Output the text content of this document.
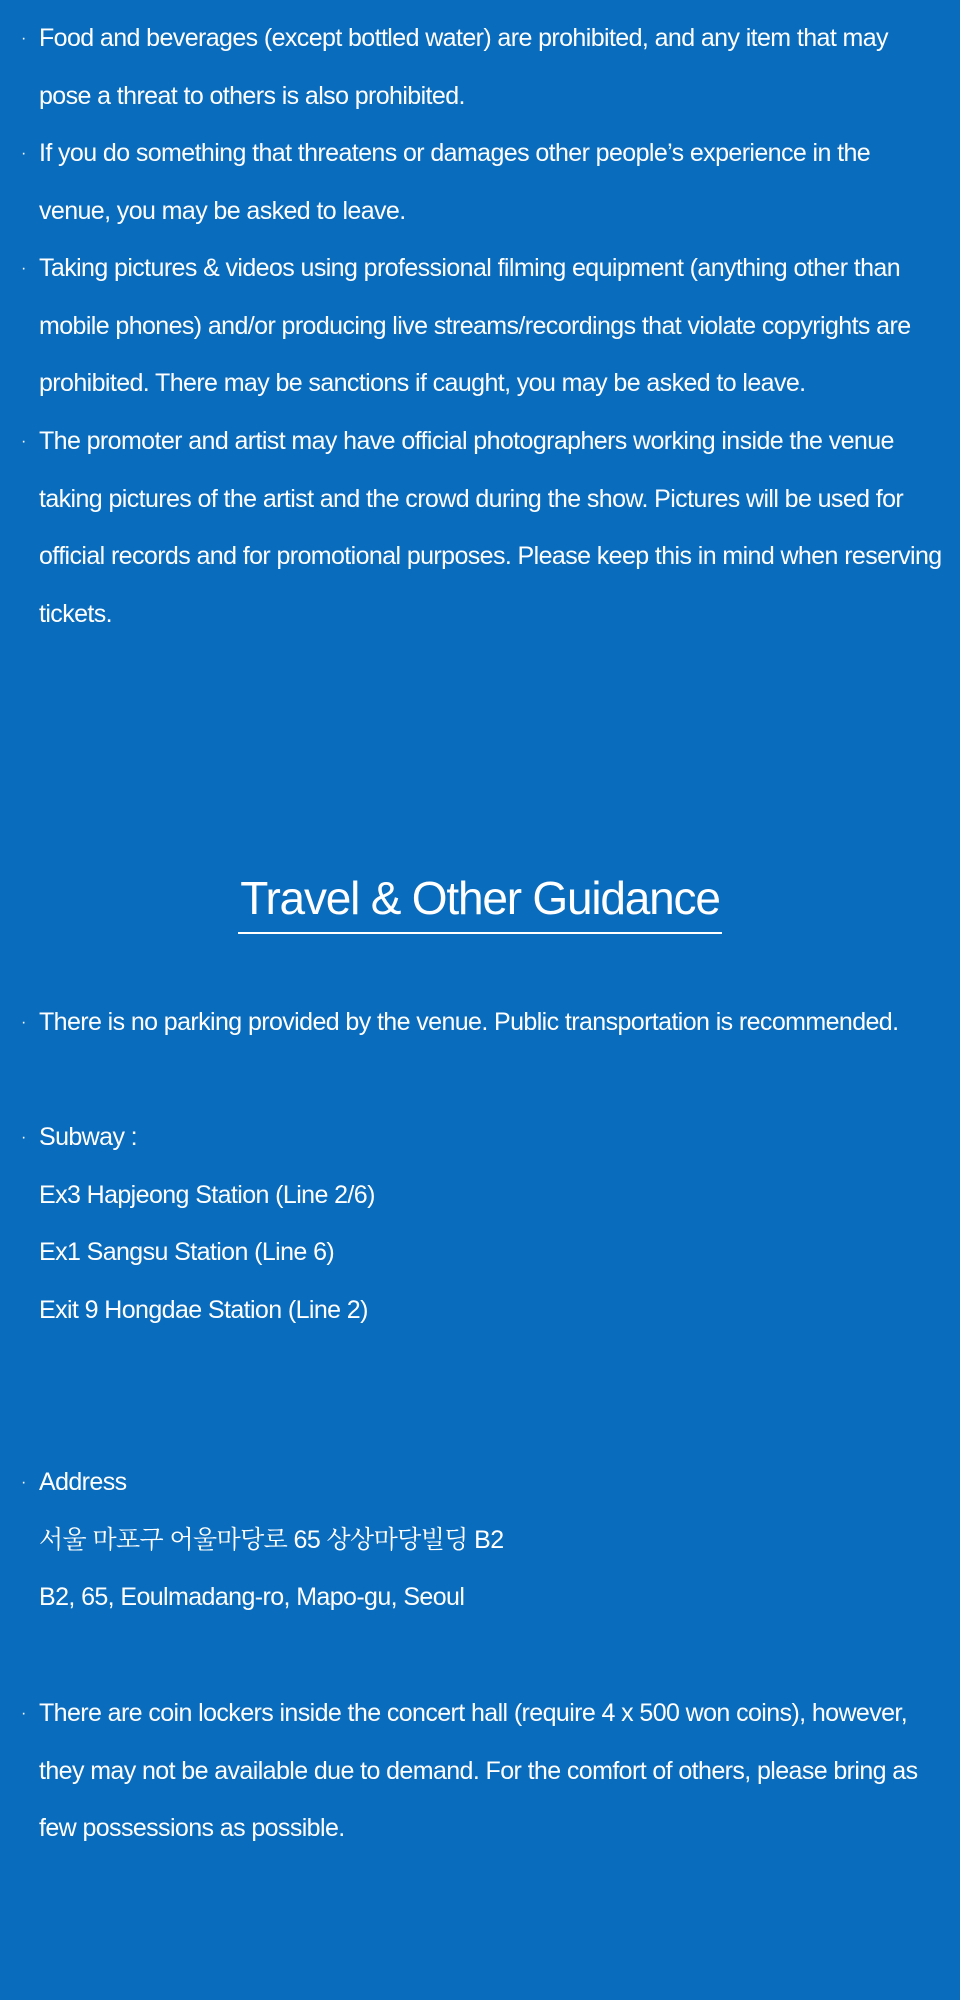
· Food and beverages (except bottled water) are prohibited, and any item that may
pose a threat to others is also prohibited.
· If you do something that threatens or damages other people’s experience in the
venue, you may be asked to leave.
· Taking pictures & videos using professional filming equipment (anything other than
mobile phones) and/or producing live streams/recordings that violate copyrights are
prohibited. There may be sanctions if caught, you may be asked to leave.
· The promoter and artist may have official photographers working inside the venue
taking pictures of the artist and the crowd during the show. Pictures will be used for
official records and for promotional purposes. Please keep this in mind when reserving
tickets.
Travel & Other Guidance
· There is no parking provided by the venue. Public transportation is recommended.
· Subway :
Ex3 Hapjeong Station (Line 2/6)
Ex1 Sangsu Station (Line 6)
Exit 9 Hongdae Station (Line 2)
· Address
서울 마포구 어울마당로 65 상상마당빌딩 B2
B2, 65, Eoulmadang-ro, Mapo-gu, Seoul
· There are coin lockers inside the concert hall (require 4 x 500 won coins), however,
they may not be available due to demand. For the comfort of others, please bring as
few possessions as possible.
